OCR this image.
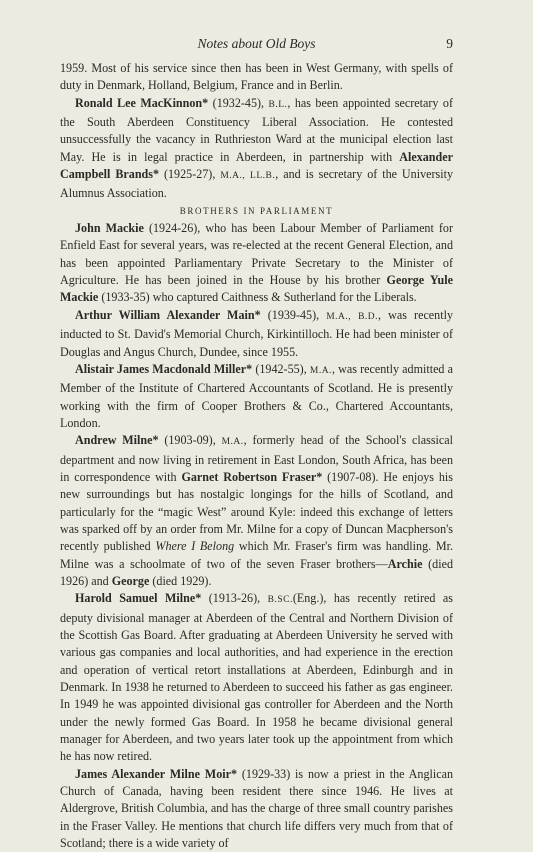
Notes about Old Boys	9

1959. Most of his service since then has been in West Germany, with spells of duty in Denmark, Holland, Belgium, France and in Berlin.

Ronald Lee MacKinnon* (1932-45), B.L., has been appointed secretary of the South Aberdeen Constituency Liberal Association. He contested unsuccessfully the vacancy in Ruthrieston Ward at the municipal election last May. He is in legal practice in Aberdeen, in partnership with Alexander Campbell Brands* (1925-27), M.A., LL.B., and is secretary of the University Alumnus Association.

BROTHERS IN PARLIAMENT

John Mackie (1924-26), who has been Labour Member of Parliament for Enfield East for several years, was re-elected at the recent General Election, and has been appointed Parliamentary Private Secretary to the Minister of Agriculture. He has been joined in the House by his brother George Yule Mackie (1933-35) who captured Caithness & Sutherland for the Liberals.

Arthur William Alexander Main* (1939-45), M.A., B.D., was recently inducted to St. David's Memorial Church, Kirkintilloch. He had been minister of Douglas and Angus Church, Dundee, since 1955.

Alistair James Macdonald Miller* (1942-55), M.A., was recently admitted a Member of the Institute of Chartered Accountants of Scotland. He is presently working with the firm of Cooper Brothers & Co., Chartered Accountants, London.

Andrew Milne* (1903-09), M.A., formerly head of the School's classical department and now living in retirement in East London, South Africa, has been in correspondence with Garnet Robertson Fraser* (1907-08). He enjoys his new surroundings but has nostalgic longings for the hills of Scotland, and particularly for the “magic West” around Kyle: indeed this exchange of letters was sparked off by an order from Mr. Milne for a copy of Duncan Macpherson's recently published Where I Belong which Mr. Fraser's firm was handling. Mr. Milne was a schoolmate of two of the seven Fraser brothers—Archie (died 1926) and George (died 1929).

Harold Samuel Milne* (1913-26), B.SC.(Eng.), has recently retired as deputy divisional manager at Aberdeen of the Central and Northern Division of the Scottish Gas Board. After graduating at Aberdeen University he served with various gas companies and local authorities, and had experience in the erection and operation of vertical retort installations at Aberdeen, Edinburgh and in Denmark. In 1938 he returned to Aberdeen to succeed his father as gas engineer. In 1949 he was appointed divisional gas controller for Aberdeen and the North under the newly formed Gas Board. In 1958 he became divisional general manager for Aberdeen, and two years later took up the appointment from which he has now retired.

James Alexander Milne Moir* (1929-33) is now a priest in the Anglican Church of Canada, having been resident there since 1946. He lives at Aldergrove, British Columbia, and has the charge of three small country parishes in the Fraser Valley. He mentions that church life differs very much from that of Scotland; there is a wide variety of
